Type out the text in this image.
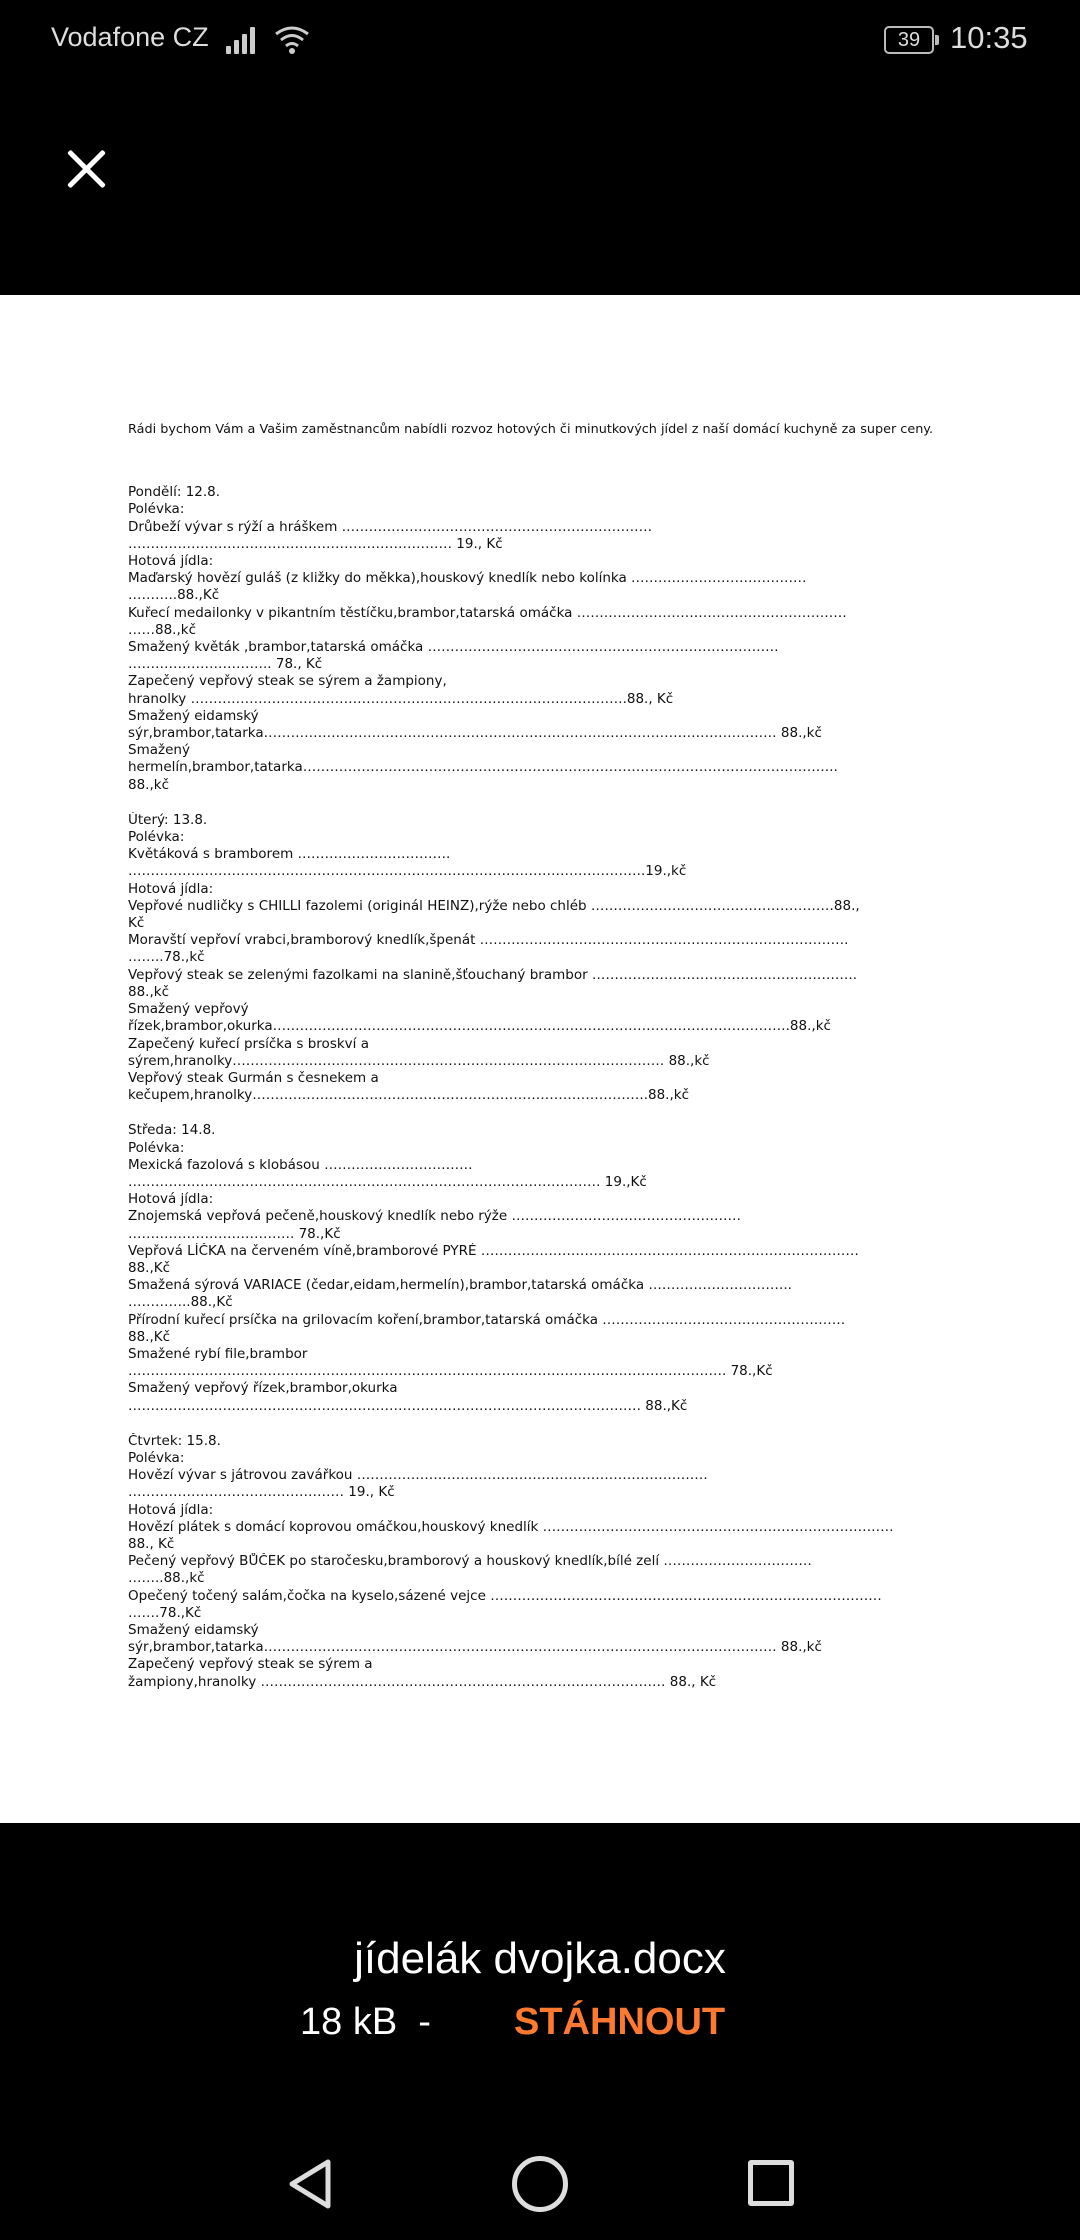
Vodafone CZ	39 10:35
Rádi bychom Vám a Vašim zaměstnancům nabídli rozvoz hotových či minutkových jídel z naší domácí kuchyně za super ceny.
Pondělí: 12.8.
Polévka:
Drůbeží vývar s rýží a hráškem ……………………………………………………………
……………………………………………………………… 19., Kč
Hotová jídla:
Maďarský hovězí guláš (z kližky do měkka),houskový knedlík nebo kolínka …………………………………
………..88.,Kč
Kuřecí medailonky v pikantním těstíčku,brambor,tatarská omáčka ……………………………………………………
……88.,kč
Smažený květák ,brambor,tatarská omáčka ……………………………………………………………………
………………………….. 78., Kč
Zapečený vepřový steak se sýrem a žampiony,
hranolky …………………………………………………………………………………….88., Kč
Smažený eidamský
sýr,brambor,tatarka…………………………………………………………………………………………………… 88.,kč
Smažený
hermelín,brambor,tatarka………………………………………………………………………………………………………..
88.,kč
Úterý: 13.8.
Polévka:
Květáková s bramborem …………………………….
…………………………………………………………………………………………………….19.,kč
Hotová jídla:
Vepřové nudličky s CHILLI fazolemi (originál HEINZ),rýže nebo chléb ………………………………………………88.,
Kč
Moravští vepřoví vrabci,bramborový knedlík,špenát ……………………………………………………………………….
……..78.,kč
Vepřový steak se zelenými fazolkami na slanině,šťouchaný brambor …………………………………………………..
88.,kč
Smažený vepřový
řízek,brambor,okurka…………………………………………………………………………………………………….88.,kč
Zapečený kuřecí prsíčka s broskví a
sýrem,hranolky…………………………………………………………………………………… 88.,kč
Vepřový steak Gurmán s česnekem a
kečupem,hranolky…………………………………………………………………………….88.,kč
Středa: 14.8.
Polévka:
Mexická fazolová s klobásou ……………………………
…………………………………………………………………………………………… 19.,Kč
Hotová jídla:
Znojemská vepřová pečeně,houskový knedlík nebo rýže ……………………………………………
………………………………. 78.,Kč
Vepřová LÍČKA na červeném víně,bramborové PYRÉ …………………………………………………………………………
88.,Kč
Smažená sýrová VARIACE (čedar,eidam,hermelín),brambor,tatarská omáčka …………………………..
…………..88.,Kč
Přírodní kuřecí prsíčka na grilovacím koření,brambor,tatarská omáčka ………………………………………………
88.,Kč
Smažené rybí file,brambor
……………………………………………………………………………………………………………………. 78.,Kč
Smažený vepřový řízek,brambor,okurka
…………………………………………………………………………………………………… 88.,Kč
Čtvrtek: 15.8.
Polévka:
Hovězí vývar s játrovou zavářkou ……………………………………………………………………
………………………………………… 19., Kč
Hotová jídla:
Hovězí plátek s domácí koprovou omáčkou,houskový knedlík ……………………………………………………………………
88., Kč
Pečený vepřový BŮČEK po staročesku,bramborový a houskový knedlík,bílé zelí ……………………………
……..88.,kč
Opečený točený salám,čočka na kyselo,sázené vejce ……………………………………………………………………………
…….78.,Kč
Smažený eidamský
sýr,brambor,tatarka…………………………………………………………………………………………………… 88.,kč
Zapečený vepřový steak se sýrem a
žampiony,hranolky ……………………………………………………………………………… 88., Kč
jídelák dvojka.docx
18 kB  - STÁHNOUT
